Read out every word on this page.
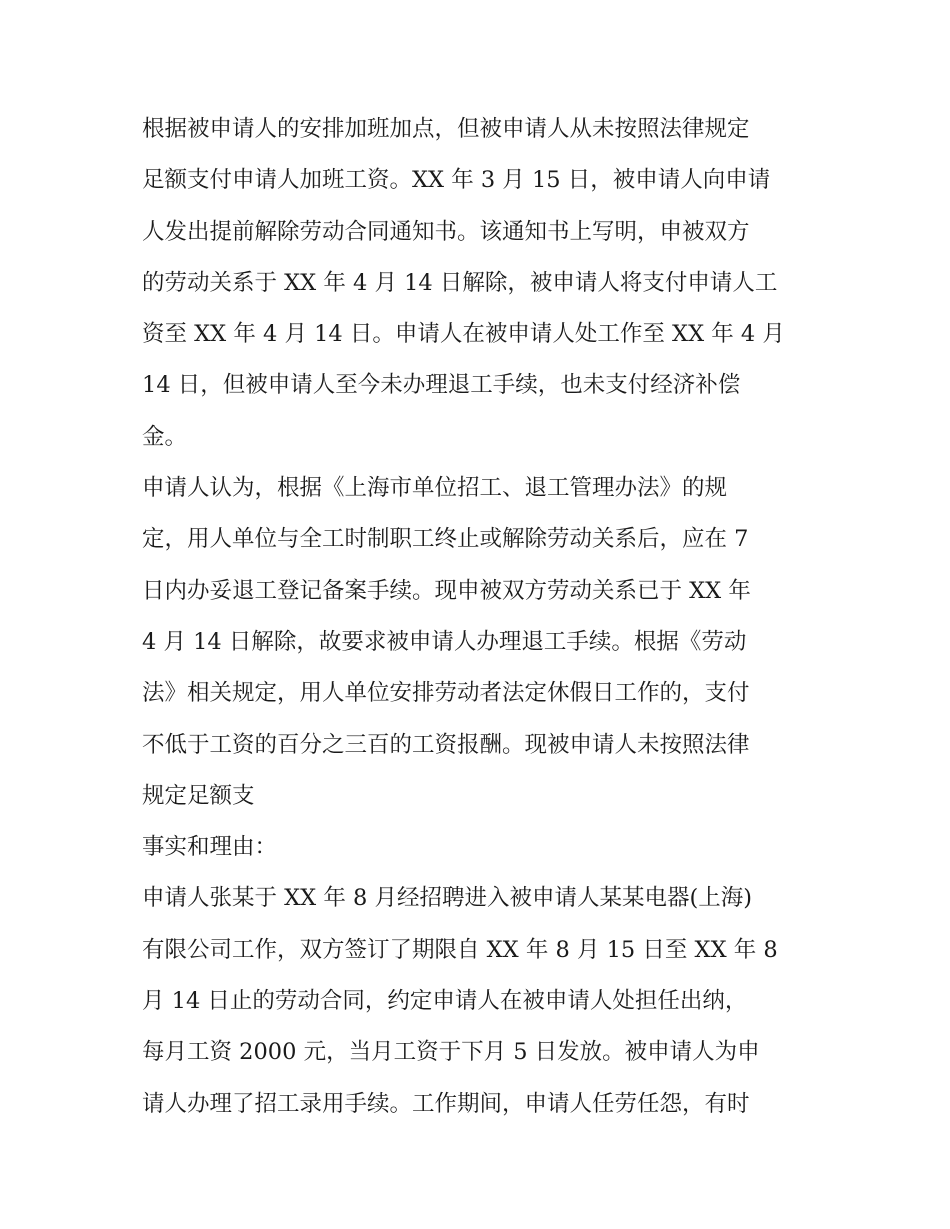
根据被申请人的安排加班加点，但被申请人从未按照法律规定
足额支付申请人加班工资。XX 年 3 月 15 日，被申请人向申请
人发出提前解除劳动合同通知书。该通知书上写明，申被双方
的劳动关系于 XX 年 4 月 14 日解除，被申请人将支付申请人工
资至 XX 年 4 月 14 日。申请人在被申请人处工作至 XX 年 4 月
14 日，但被申请人至今未办理退工手续，也未支付经济补偿
金。
申请人认为，根据《上海市单位招工、退工管理办法》的规
定，用人单位与全工时制职工终止或解除劳动关系后，应在 7
日内办妥退工登记备案手续。现申被双方劳动关系已于 XX 年
4 月 14 日解除，故要求被申请人办理退工手续。根据《劳动
法》相关规定，用人单位安排劳动者法定休假日工作的，支付
不低于工资的百分之三百的工资报酬。现被申请人未按照法律
规定足额支
事实和理由：
申请人张某于 XX 年 8 月经招聘进入被申请人某某电器(上海)
有限公司工作，双方签订了期限自 XX 年 8 月 15 日至 XX 年 8
月 14 日止的劳动合同，约定申请人在被申请人处担任出纳，
每月工资 2000 元，当月工资于下月 5 日发放。被申请人为申
请人办理了招工录用手续。工作期间，申请人任劳任怨，有时
